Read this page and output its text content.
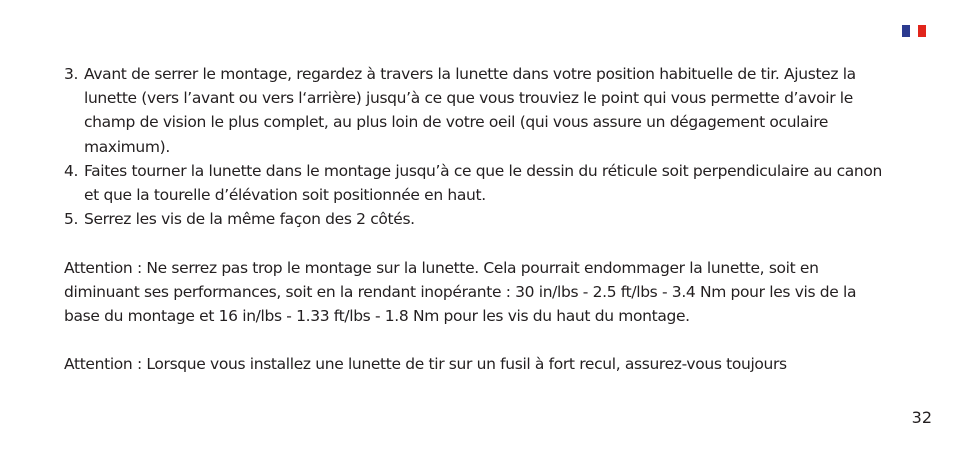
3. Avant de serrer le montage, regardez à travers la lunette dans votre position habituelle de tir. Ajustez la lunette (vers l’avant ou vers l‘arrière) jusqu’à ce que vous trouviez le point qui vous permette d’avoir le champ de vision le plus complet, au plus loin de votre oeil (qui vous assure un dégagement oculaire maximum).
4. Faites tourner la lunette dans le montage jusqu’à ce que le dessin du réticule soit perpendiculaire au canon et que la tourelle d’élévation soit positionnée en haut.
5. Serrez les vis de la même façon des 2 côtés.

Attention : Ne serrez pas trop le montage sur la lunette. Cela pourrait endommager la lunette, soit en diminuant ses performances, soit en la rendant inopérante : 30 in/lbs - 2.5 ft/lbs - 3.4 Nm pour les vis de la base du montage et 16 in/lbs - 1.33 ft/lbs - 1.8 Nm pour les vis du haut du montage.

Attention : Lorsque vous installez une lunette de tir sur un fusil à fort recul, assurez-vous toujours

32
